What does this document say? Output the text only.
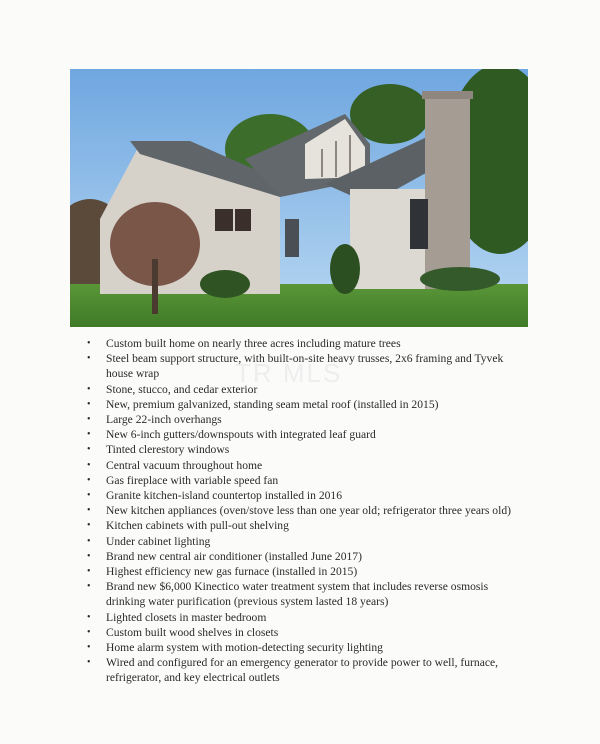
TR MLS
• Custom built home on nearly three acres including mature trees
• Steel beam support structure, with built-on-site heavy trusses, 2x6 framing and Tyvek house wrap
• Stone, stucco, and cedar exterior
• New, premium galvanized, standing seam metal roof (installed in 2015)
• Large 22-inch overhangs
• New 6-inch gutters/downspouts with integrated leaf guard
• Tinted clerestory windows
• Central vacuum throughout home
• Gas fireplace with variable speed fan
• Granite kitchen-island countertop installed in 2016
• New kitchen appliances (oven/stove less than one year old; refrigerator three years old)
• Kitchen cabinets with pull-out shelving
• Under cabinet lighting
• Brand new central air conditioner (installed June 2017)
• Highest efficiency new gas furnace (installed in 2015)
• Brand new $6,000 Kinectico water treatment system that includes reverse osmosis drinking water purification (previous system lasted 18 years)
• Lighted closets in master bedroom
• Custom built wood shelves in closets
• Home alarm system with motion-detecting security lighting
• Wired and configured for an emergency generator to provide power to well, furnace, refrigerator, and key electrical outlets
